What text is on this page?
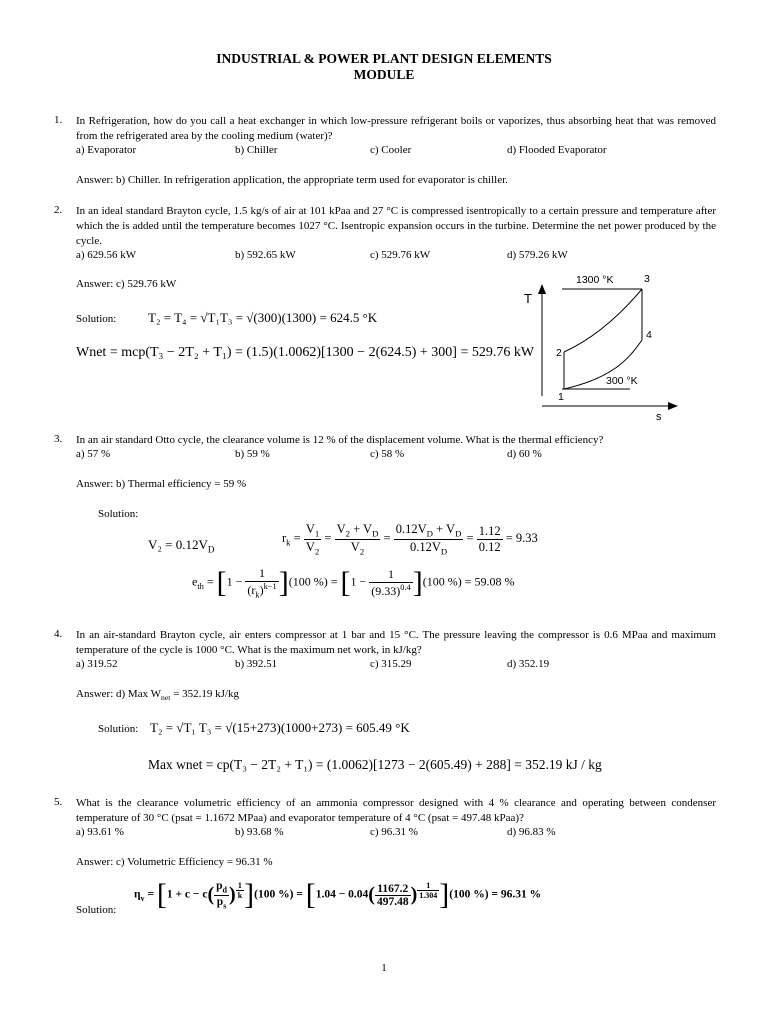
INDUSTRIAL & POWER PLANT DESIGN ELEMENTS
MODULE
1. In Refrigeration, how do you call a heat exchanger in which low-pressure refrigerant boils or vaporizes, thus absorbing heat that was removed from the refrigerated area by the cooling medium (water)?
a) Evaporator	b) Chiller	c) Cooler	d) Flooded Evaporator
Answer: b) Chiller. In refrigeration application, the appropriate term used for evaporator is chiller.
2. In an ideal standard Brayton cycle, 1.5 kg/s of air at 101 kPaa and 27 °C is compressed isentropically to a certain pressure and temperature after which the is added until the temperature becomes 1027 °C. Isentropic expansion occurs in the turbine. Determine the net power produced by the cycle.
a) 629.56 kW	b) 592.65 kW	c) 529.76 kW	d) 579.26 kW
Answer: c) 529.76 kW
Solution: T₂ = T₄ = √T₁T₃ = √(300)(1300) = 624.5 °K
Wnet = mcp(T₃ − 2T₂ + T₁) = (1.5)(1.0062)[1300 − 2(624.5) + 300] = 529.76 kW
T
s
1300 °K
300 °K
1
2
3
4
3. In an air standard Otto cycle, the clearance volume is 12 % of the displacement volume. What is the thermal efficiency?
a) 57 %	b) 59 %	c) 58 %	d) 60 %
Answer: b) Thermal efficiency = 59 %
Solution:
$V_2 = 0.12V_D$
$r_k = \frac{V_1}{V_2} = \frac{V_2 + V_D}{V_2} = \frac{0.12V_D + V_D}{0.12V_D} = \frac{1.12}{0.12} = 9.33$
$e_{th} = [1 - \frac{1}{(r_k)^{k-1}} ](100$ %) = $[1 - \frac{1}{(9.33)^{0.4}} ](100$ %) = 59.08 %
4. In an air-standard Brayton cycle, air enters compressor at 1 bar and 15 °C. The pressure leaving the compressor is 0.6 MPaa and maximum temperature of the cycle is 1000 °C. What is the maximum net work, in kJ/kg?
a) 319.52	b) 392.51	c) 315.29	d) 352.19
Answer: d) Max $W_{net} = 352.19$ kJ/kg
Solution: T₂ = √T₁ T₃ = √(15+273)(1000+273) = 605.49 °K
Max wnet = cp(T₃ − 2T₂ + T₁) = (1.0062)[1273 − 2(605.49) + 288] = 352.19 kJ / kg
5. What is the clearance volumetric efficiency of an ammonia compressor designed with 4 % clearance and operating between condenser temperature of 30 °C (psat = 1.1672 MPaa) and evaporator temperature of 4 °C (psat = 497.48 kPaa)?
a) 93.61 %	b) 93.68 %	c) 96.31 %	d) 96.83 %
Answer: c) Volumetric Efficiency = 96.31 %
Solution:
$\eta_v = [1 + c - c( \frac{p_d}{p_s}$ ) $^{\frac{1}{k}}$ ](100 %) = [$1.04 - 0.04( \frac{1167.2}{497.48}$ ) $^{\frac{1}{1.304}}$ ](100 %) = 96.31 %
1
